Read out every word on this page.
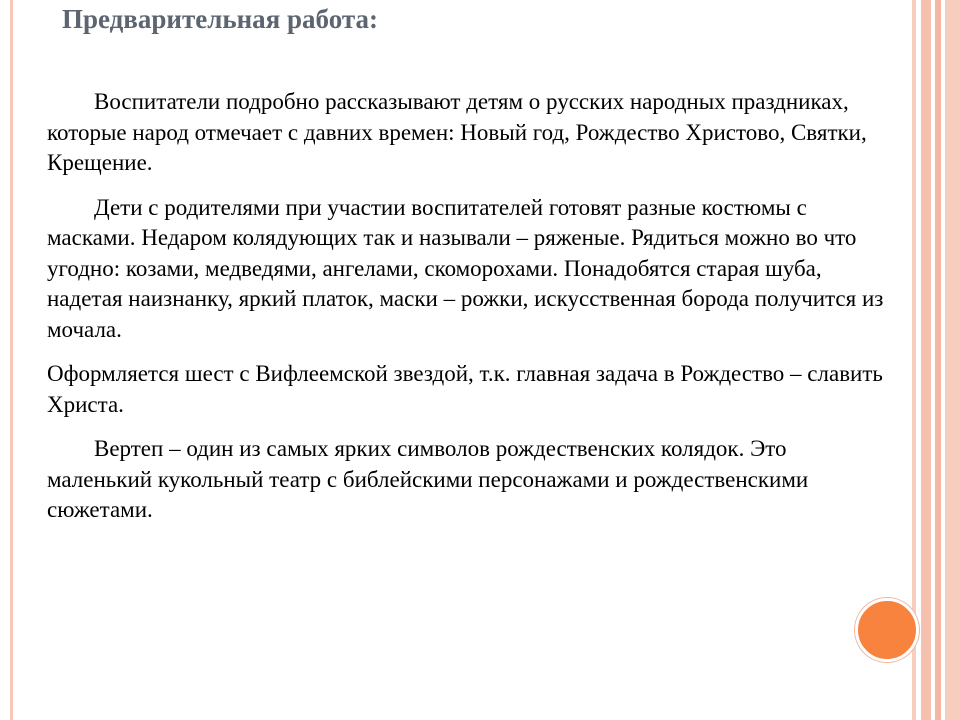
Предварительная работа:

Воспитатели подробно рассказывают детям о русских народных праздниках, которые народ отмечает с давних времен: Новый год, Рождество Христово, Святки, Крещение.

Дети с родителями при участии воспитателей готовят разные костюмы с масками. Недаром колядующих так и называли – ряженые. Рядиться можно во что угодно: козами, медведями, ангелами, скоморохами. Понадобятся старая шуба, надетая наизнанку, яркий платок, маски – рожки, искусственная борода получится из мочала.

Оформляется шест с Вифлеемской звездой, т.к. главная задача в Рождество – славить Христа.

Вертеп – один из самых ярких символов рождественских колядок. Это маленький кукольный театр с библейскими персонажами и рождественскими сюжетами.
